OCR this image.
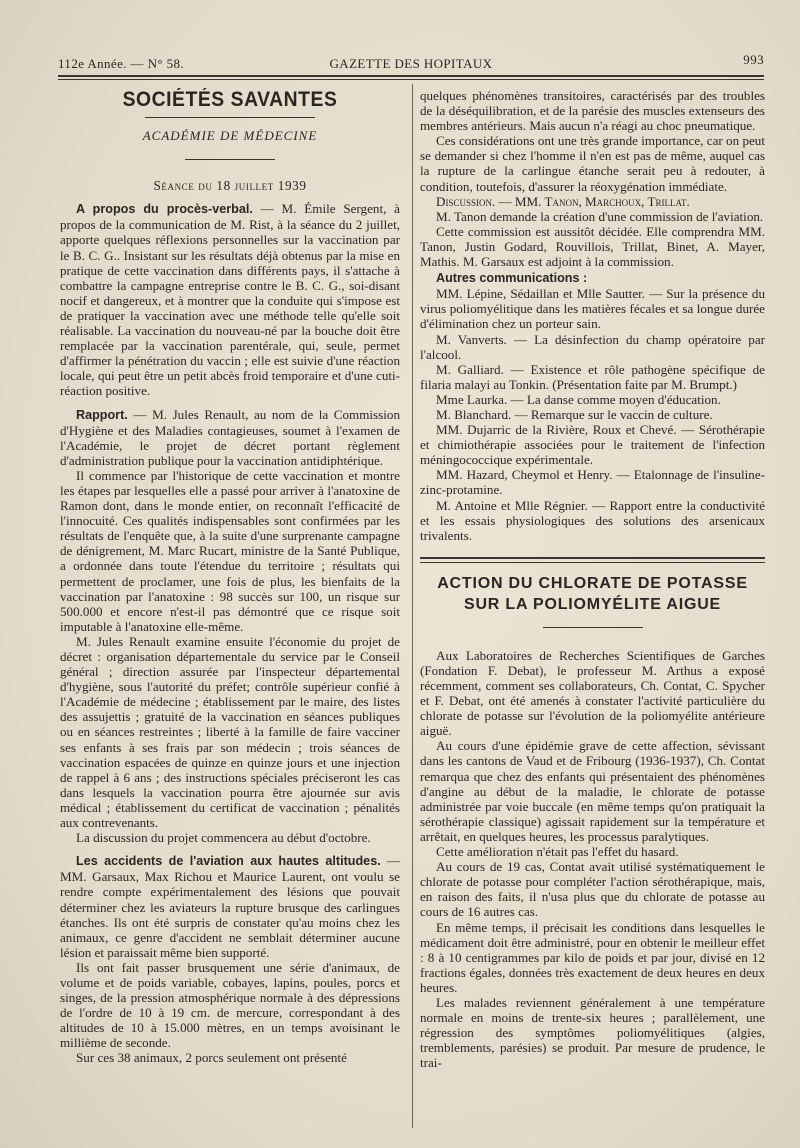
112e Année. — N° 58.	GAZETTE DES HOPITAUX	993
SOCIÉTÉS SAVANTES
ACADÉMIE DE MÉDECINE
Séance du 18 juillet 1939

A propos du procès-verbal. — M. Émile Sergent, à propos de la communication de M. Rist, à la séance du 2 juillet, apporte quelques réflexions personnelles sur la vaccination par le B. C. G.. Insistant sur les résultats déjà obtenus par la mise en pratique de cette vaccination dans différents pays, il s'attache à combattre la campagne entreprise contre le B. C. G., soi-disant nocif et dangereux, et à montrer que la conduite qui s'impose est de pratiquer la vaccination avec une méthode telle qu'elle soit réalisable. La vaccination du nouveau-né par la bouche doit être remplacée par la vaccination parentérale, qui, seule, permet d'affirmer la pénétration du vaccin ; elle est suivie d'une réaction locale, qui peut être un petit abcès froid temporaire et d'une cuti-réaction positive.

Rapport. — M. Jules Renault, au nom de la Commission d'Hygiène et des Maladies contagieuses, soumet à l'examen de l'Académie, le projet de décret portant règlement d'administration publique pour la vaccination antidiphtérique.

Il commence par l'historique de cette vaccination et montre les étapes par lesquelles elle a passé pour arriver à l'anatoxine de Ramon dont, dans le monde entier, on reconnaît l'efficacité de l'innocuité. Ces qualités indispensables sont confirmées par les résultats de l'enquête que, à la suite d'une surprenante campagne de dénigrement, M. Marc Rucart, ministre de la Santé Publique, a ordonnée dans toute l'étendue du territoire ; résultats qui permettent de proclamer, une fois de plus, les bienfaits de la vaccination par l'anatoxine : 98 succès sur 100, un risque sur 500.000 et encore n'est-il pas démontré que ce risque soit imputable à l'anatoxine elle-même.

M. Jules Renault examine ensuite l'économie du projet de décret : organisation départementale du service par le Conseil général ; direction assurée par l'inspecteur départemental d'hygiène, sous l'autorité du préfet; contrôle supérieur confié à l'Académie de médecine ; établissement par le maire, des listes des assujettis ; gratuité de la vaccination en séances publiques ou en séances restreintes ; liberté à la famille de faire vacciner ses enfants à ses frais par son médecin ; trois séances de vaccination espacées de quinze en quinze jours et une injection de rappel à 6 ans ; des instructions spéciales préciseront les cas dans lesquels la vaccination pourra être ajournée sur avis médical ; établissement du certificat de vaccination ; pénalités aux contrevenants.

La discussion du projet commencera au début d'octobre.

Les accidents de l'aviation aux hautes altitudes. — MM. Garsaux, Max Richou et Maurice Laurent, ont voulu se rendre compte expérimentalement des lésions que pouvait déterminer chez les aviateurs la rupture brusque des carlingues étanches. Ils ont été surpris de constater qu'au moins chez les animaux, ce genre d'accident ne semblait déterminer aucune lésion et paraissait même bien supporté.

Ils ont fait passer brusquement une série d'animaux, de volume et de poids variable, cobayes, lapins, poules, porcs et singes, de la pression atmosphérique normale à des dépressions de l'ordre de 10 à 19 cm. de mercure, correspondant à des altitudes de 10 à 15.000 mètres, en un temps avoisinant le millième de seconde.

Sur ces 38 animaux, 2 porcs seulement ont présenté

quelques phénomènes transitoires, caractérisés par des troubles de la déséquilibration, et de la parésie des muscles extenseurs des membres antérieurs. Mais aucun n'a réagi au choc pneumatique.

Ces considérations ont une très grande importance, car on peut se demander si chez l'homme il n'en est pas de même, auquel cas la rupture de la carlingue étanche serait peu à redouter, à condition, toutefois, d'assurer la réoxygénation immédiate.

Discussion. — MM. Tanon, Marchoux, Trillat.

M. Tanon demande la création d'une commission de l'aviation.

Cette commission est aussitôt décidée. Elle comprendra MM. Tanon, Justin Godard, Rouvillois, Trillat, Binet, A. Mayer, Mathis. M. Garsaux est adjoint à la commission.

Autres communications :

MM. Lépine, Sédaillan et Mlle Sautter. — Sur la présence du virus poliomyélitique dans les matières fécales et sa longue durée d'élimination chez un porteur sain.

M. Vanverts. — La désinfection du champ opératoire par l'alcool.

M. Galliard. — Existence et rôle pathogène spécifique de filaria malayi au Tonkin. (Présentation faite par M. Brumpt.)

Mme Laurka. — La danse comme moyen d'éducation.

M. Blanchard. — Remarque sur le vaccin de culture.

MM. Dujarric de la Rivière, Roux et Chevé. — Sérothérapie et chimiothérapie associées pour le traitement de l'infection méningococcique expérimentale.

MM. Hazard, Cheymol et Henry. — Etalonnage de l'insuline-zinc-protamine.

M. Antoine et Mlle Régnier. — Rapport entre la conductivité et les essais physiologiques des solutions des arsenicaux trivalents.

ACTION DU CHLORATE DE POTASSE
SUR LA POLIOMYÉLITE AIGUE

Aux Laboratoires de Recherches Scientifiques de Garches (Fondation F. Debat), le professeur M. Arthus a exposé récemment, comment ses collaborateurs, Ch. Contat, C. Spycher et F. Debat, ont été amenés à constater l'activité particulière du chlorate de potasse sur l'évolution de la poliomyélite antérieure aiguë.

Au cours d'une épidémie grave de cette affection, sévissant dans les cantons de Vaud et de Fribourg (1936-1937), Ch. Contat remarqua que chez des enfants qui présentaient des phénomènes d'angine au début de la maladie, le chlorate de potasse administrée par voie buccale (en même temps qu'on pratiquait la sérothérapie classique) agissait rapidement sur la température et arrêtait, en quelques heures, les processus paralytiques.

Cette amélioration n'était pas l'effet du hasard.

Au cours de 19 cas, Contat avait utilisé systématiquement le chlorate de potasse pour compléter l'action sérothérapique, mais, en raison des faits, il n'usa plus que du chlorate de potasse au cours de 16 autres cas.

En même temps, il précisait les conditions dans lesquelles le médicament doit être administré, pour en obtenir le meilleur effet : 8 à 10 centigrammes par kilo de poids et par jour, divisé en 12 fractions égales, données très exactement de deux heures en deux heures.

Les malades reviennent généralement à une température normale en moins de trente-six heures ; parallèlement, une régression des symptômes poliomyélitiques (algies, tremblements, parésies) se produit. Par mesure de prudence, le trai-
